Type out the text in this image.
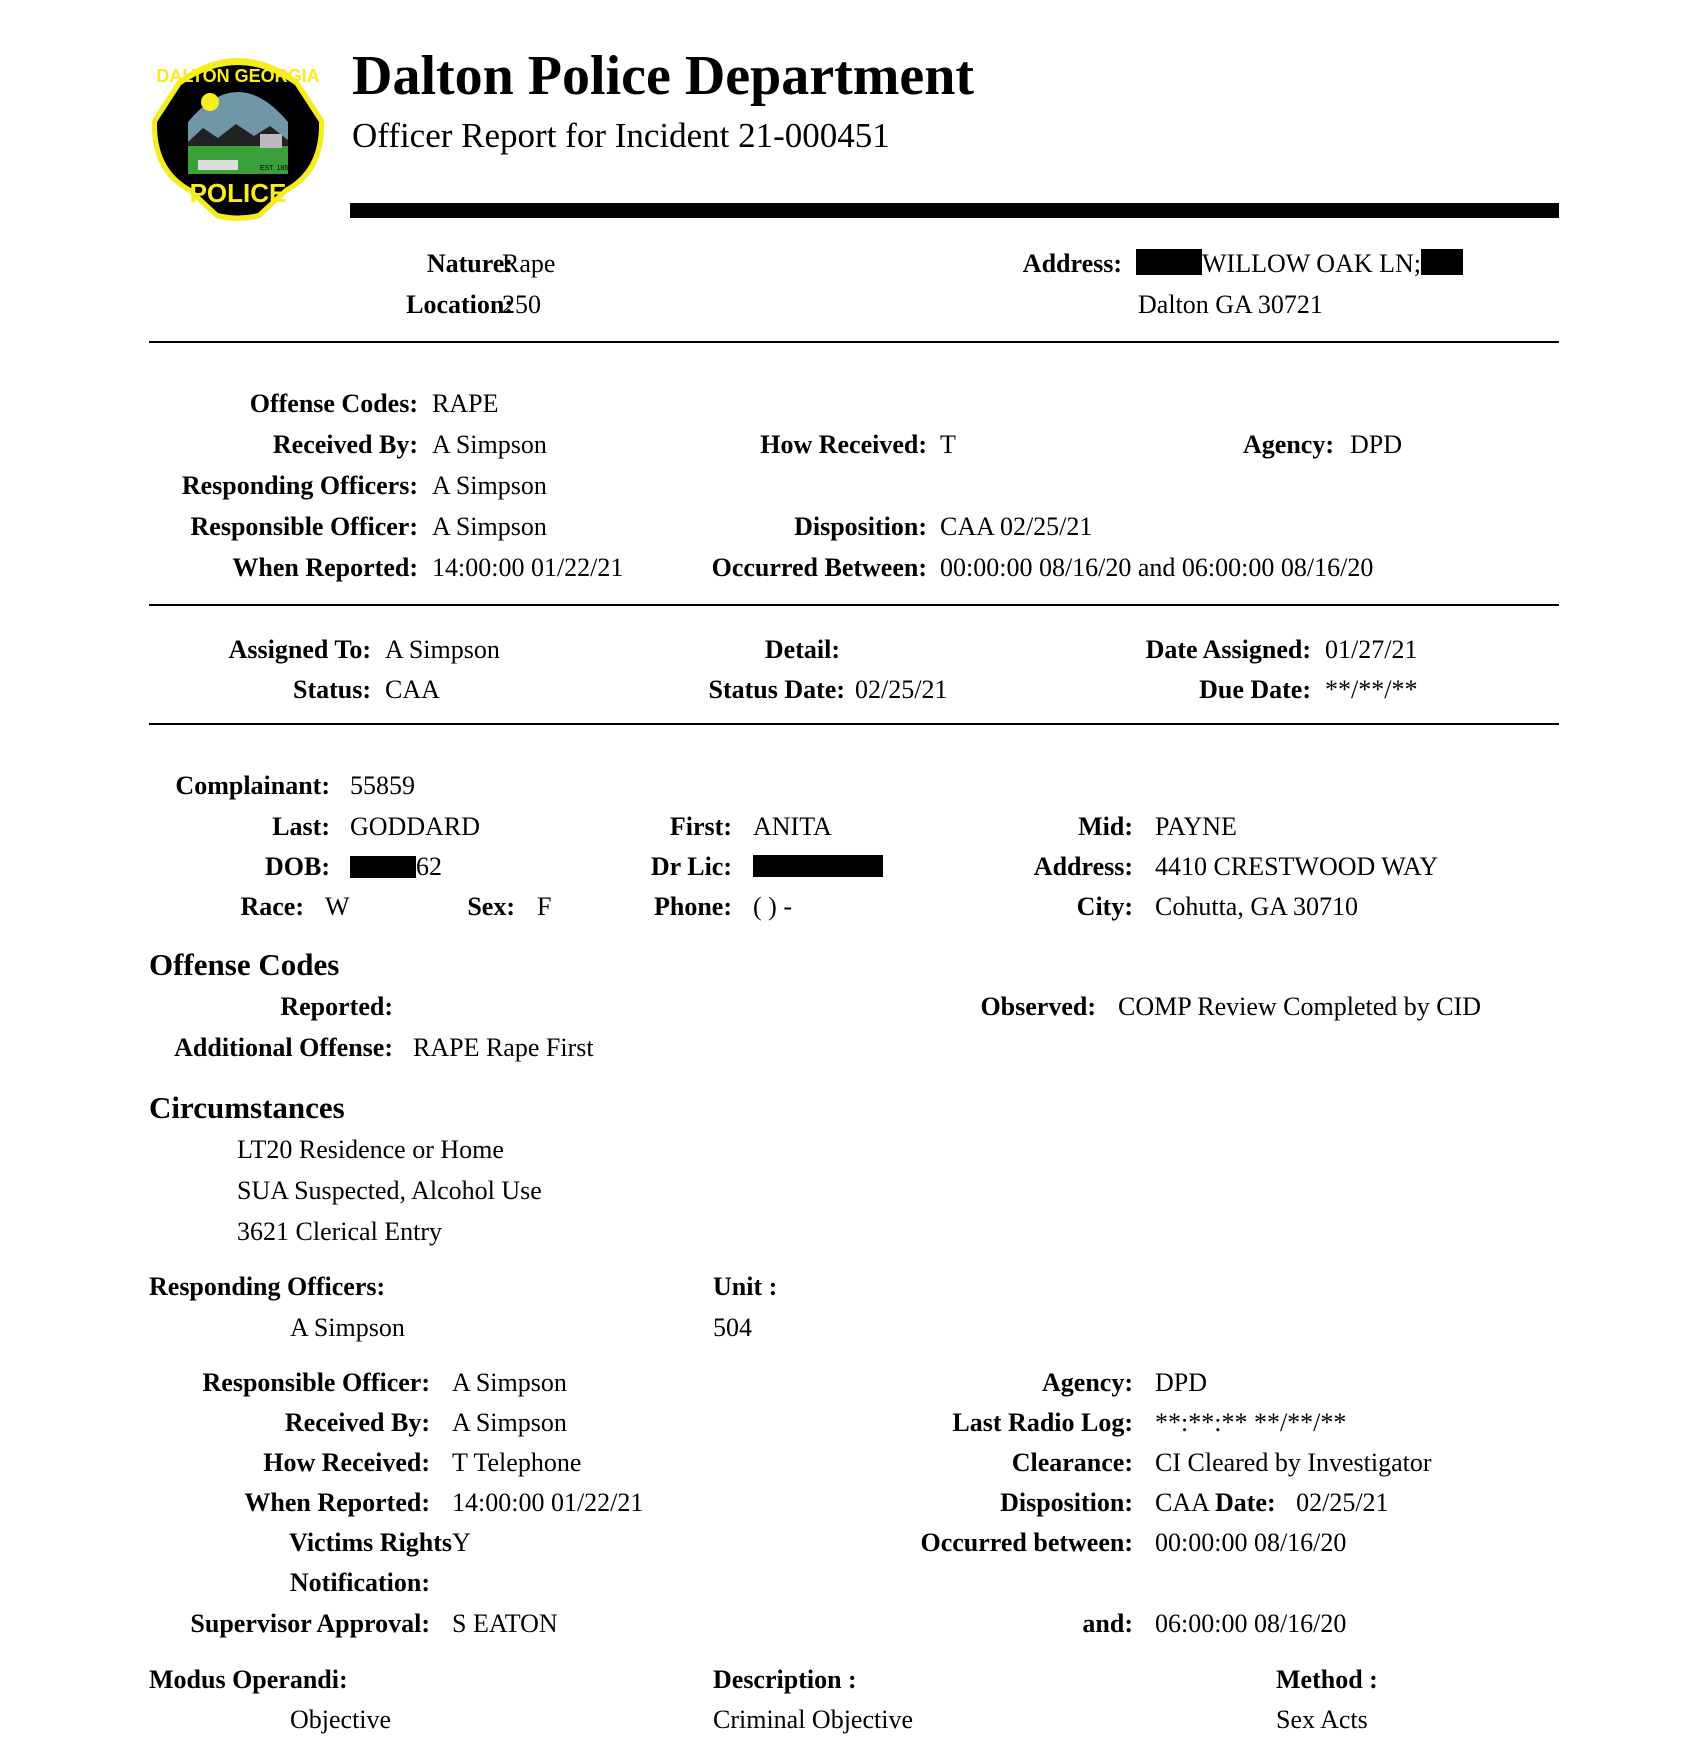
DALTON GEORGIA
EST. 1851
POLICE
Dalton Police Department
Officer Report for Incident 21-000451
Nature:
Rape
Location:
250
Address:	WILLOW OAK LN;
Dalton GA 30721
Offense Codes: RAPE
Received By: A Simpson	How Received: T	Agency: DPD
Responding Officers: A Simpson
Responsible Officer: A Simpson	Disposition: CAA 02/25/21
When Reported: 14:00:00 01/22/21	Occurred Between: 00:00:00 08/16/20 and 06:00:00 08/16/20
Assigned To: A Simpson	Detail:	Date Assigned: 01/27/21
Status: CAA	Status Date: 02/25/21	Due Date: **/**/**
Complainant: 55859
Last: GODDARD	First: ANITA	Mid: PAYNE
DOB:	62	Dr Lic:	Address: 4410 CRESTWOOD WAY
Race: W	Sex: F	Phone: ( ) -	City: Cohutta, GA 30710
Offense Codes
Reported:	Observed: COMP Review Completed by CID
Additional Offense: RAPE Rape First
Circumstances
LT20 Residence or Home
SUA Suspected, Alcohol Use
3621 Clerical Entry
Responding Officers:
A Simpson
Unit :
504
Responsible Officer: A Simpson
Received By: A Simpson
How Received: T Telephone
When Reported: 14:00:00 01/22/21
Victims Rights Y
Notification:
Supervisor Approval: S EATON
Agency: DPD
Last Radio Log: **:**:** **/**/**
Clearance: CI Cleared by Investigator
Disposition: CAA Date: 02/25/21
Occurred between: 00:00:00 08/16/20
and: 06:00:00 08/16/20
Modus Operandi:
Objective
Description :
Criminal Objective
Method :
Sex Acts
